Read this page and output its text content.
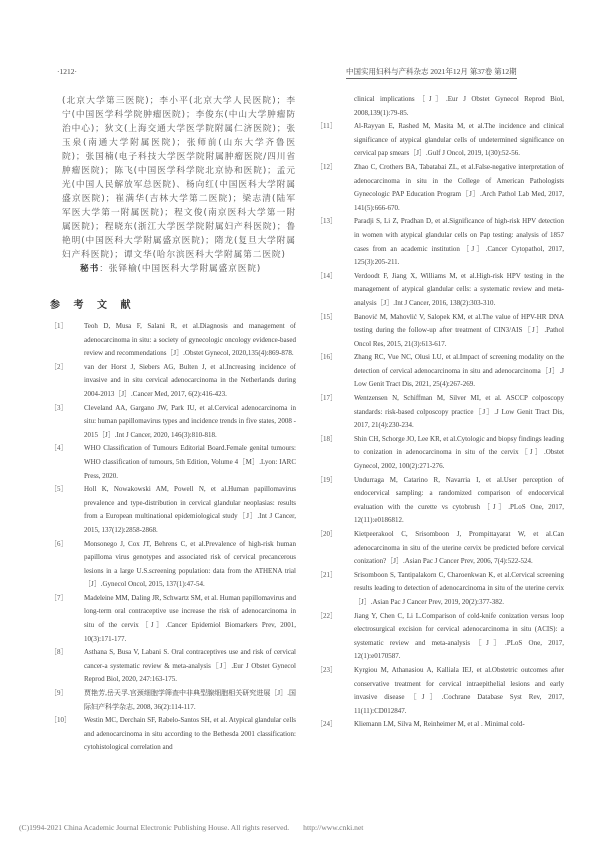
·1212·	中国实用妇科与产科杂志 2021年12月 第37卷 第12期

(北京大学第三医院)；李小平(北京大学人民医院)；李宁(中国医学科学院肿瘤医院)；李俊东(中山大学肿瘤防治中心)；狄文(上海交通大学医学院附属仁济医院)；张玉泉(南通大学附属医院)；张师前(山东大学齐鲁医院)；张国楠(电子科技大学医学院附属肿瘤医院/四川省肿瘤医院)；陈飞(中国医学科学院北京协和医院)；孟元光(中国人民解放军总医院)、杨向红(中国医科大学附属盛京医院)；崔满华(吉林大学第二医院)；梁志清(陆军军医大学第一附属医院)；程文俊(南京医科大学第一附属医院)；程晓东(浙江大学医学院附属妇产科医院)；鲁艳明(中国医科大学附属盛京医院)；隋龙(复旦大学附属妇产科医院)；谭文华(哈尔滨医科大学附属第二医院)

秘书：张铎榆(中国医科大学附属盛京医院)

参 考 文 献
［1］ Teoh D, Musa F, Salani R, et al.Diagnosis and management of adenocarcinoma in situ: a society of gynecologic oncology evidence-based review and recommendations［J］.Obstet Gynecol, 2020,135(4):869-878.
［2］ van der Horst J, Siebers AG, Bulten J, et al.Increasing incidence of invasive and in situ cervical adenocarcinoma in the Netherlands during 2004-2013［J］.Cancer Med, 2017, 6(2):416-423.
［3］ Cleveland AA, Gargano JW, Park IU, et al.Cervical adenocarcinoma in situ: human papillomavirus types and incidence trends in five states, 2008 - 2015［J］.Int J Cancer, 2020, 146(3):810-818.
［4］ WHO Classification of Tumours Editorial Board.Female genital tumours: WHO classification of tumours, 5th Edition, Volume 4［M］.Lyon: IARC Press, 2020.
［5］ Holl K, Nowakowski AM, Powell N, et al.Human papillomavirus prevalence and type-distribution in cervical glandular neoplasias: results from a European multinational epidemiological study［J］.Int J Cancer, 2015, 137(12):2858-2868.
［6］ Monsonego J, Cox JT, Behrens C, et al.Prevalence of high-risk human papilloma virus genotypes and associated risk of cervical precancerous lesions in a large U.S.screening population: data from the ATHENA trial［J］.Gynecol Oncol, 2015, 137(1):47-54.
［7］ Madeleine MM, Daling JR, Schwartz SM, et al. Human papillomavirus and long-term oral contraceptive use increase the risk of adenocarcinoma in situ of the cervix［J］.Cancer Epidemiol Biomarkers Prev, 2001, 10(3):171-177.
［8］ Asthana S, Busa V, Labani S. Oral contraceptives use and risk of cervical cancer-a systematic review & meta-analysis［J］.Eur J Obstet Gynecol Reprod Biol, 2020, 247:163-175.
［9］ 贾艳芳,岳天孚.宫颈细胞学筛查中非典型腺细胞相关研究进展［J］.国际妇产科学杂志, 2008, 36(2):114-117.
［10］ Westin MC, Derchain SF, Rabelo-Santos SH, et al. Atypical glandular cells and adenocarcinoma in situ according to the Bethesda 2001 classification: cytohistological correlation and

clinical implications［J］.Eur J Obstet Gynecol Reprod Biol, 2008,139(1):79-85.

［11］ Al-Rayyan E, Rashed M, Masita M, et al.The incidence and clinical significance of atypical glandular cells of undetermined significance on cervical pap smears［J］.Gulf J Oncol, 2019, 1(30):52-56.
［12］ Zhao C, Crothers BA, Tabatabai ZL, et al.False-negative interpretation of adenocarcinoma in situ in the College of American Pathologists Gynecologic PAP Education Program［J］.Arch Pathol Lab Med, 2017, 141(5):666-670.
［13］ Paradji S, Li Z, Pradhan D, et al.Significance of high-risk HPV detection in women with atypical glandular cells on Pap testing: analysis of 1857 cases from an academic institution［J］.Cancer Cytopathol, 2017, 125(3):205-211.
［14］ Verdoodt F, Jiang X, Williams M, et al.High-risk HPV testing in the management of atypical glandular cells: a systematic review and meta-analysis［J］.Int J Cancer, 2016, 138(2):303-310.
［15］ Banović M, Mahovlić V, Salopek KM, et al.The value of HPV-HR DNA testing during the follow-up after treatment of CIN3/AIS［J］.Pathol Oncol Res, 2015, 21(3):613-617.
［16］ Zhang RC, Vue NC, Olusi LU, et al.Impact of screening modality on the detection of cervical adenocarcinoma in situ and adenocarcinoma［J］.J Low Genit Tract Dis, 2021, 25(4):267-269.
［17］ Wentzensen N, Schiffman M, Silver MI, et al. ASCCP colposcopy standards: risk-based colposcopy practice［J］.J Low Genit Tract Dis, 2017, 21(4):230-234.
［18］ Shin CH, Schorge JO, Lee KR, et al.Cytologic and biopsy findings leading to conization in adenocarcinoma in situ of the cervix［J］.Obstet Gynecol, 2002, 100(2):271-276.
［19］ Undurraga M, Catarino R, Navarria I, et al.User perception of endocervical sampling: a randomized comparison of endocervical evaluation with the curette vs cytobrush［J］.PLoS One, 2017, 12(11):e0186812.
［20］ Kietpeerakool C, Srisomboon J, Prompittayarat W, et al.Can adenocarcinoma in situ of the uterine cervix be predicted before cervical conization?［J］.Asian Pac J Cancer Prev, 2006, 7(4):522-524.
［21］ Srisomboon S, Tantipalakorn C, Charoenkwan K, et al.Cervical screening results leading to detection of adenocarcinoma in situ of the uterine cervix［J］.Asian Pac J Cancer Prev, 2019, 20(2):377-382.
［22］ Jiang Y, Chen C, Li L.Comparison of cold-knife conization versus loop electrosurgical excision for cervical adenocarcinoma in situ (ACIS): a systematic review and meta-analysis［J］.PLoS One, 2017, 12(1):e0170587.
［23］ Kyrgiou M, Athanasiou A, Kalliala IEJ, et al.Obstetric outcomes after conservative treatment for cervical intraepithelial lesions and early invasive disease［J］.Cochrane Database Syst Rev, 2017, 11(11):CD012847.
［24］ Kliemann LM, Silva M, Reinheimer M, et al . Minimal cold-
(C)1994-2021 China Academic Journal Electronic Publishing House. All rights reserved. http://www.cnki.net
